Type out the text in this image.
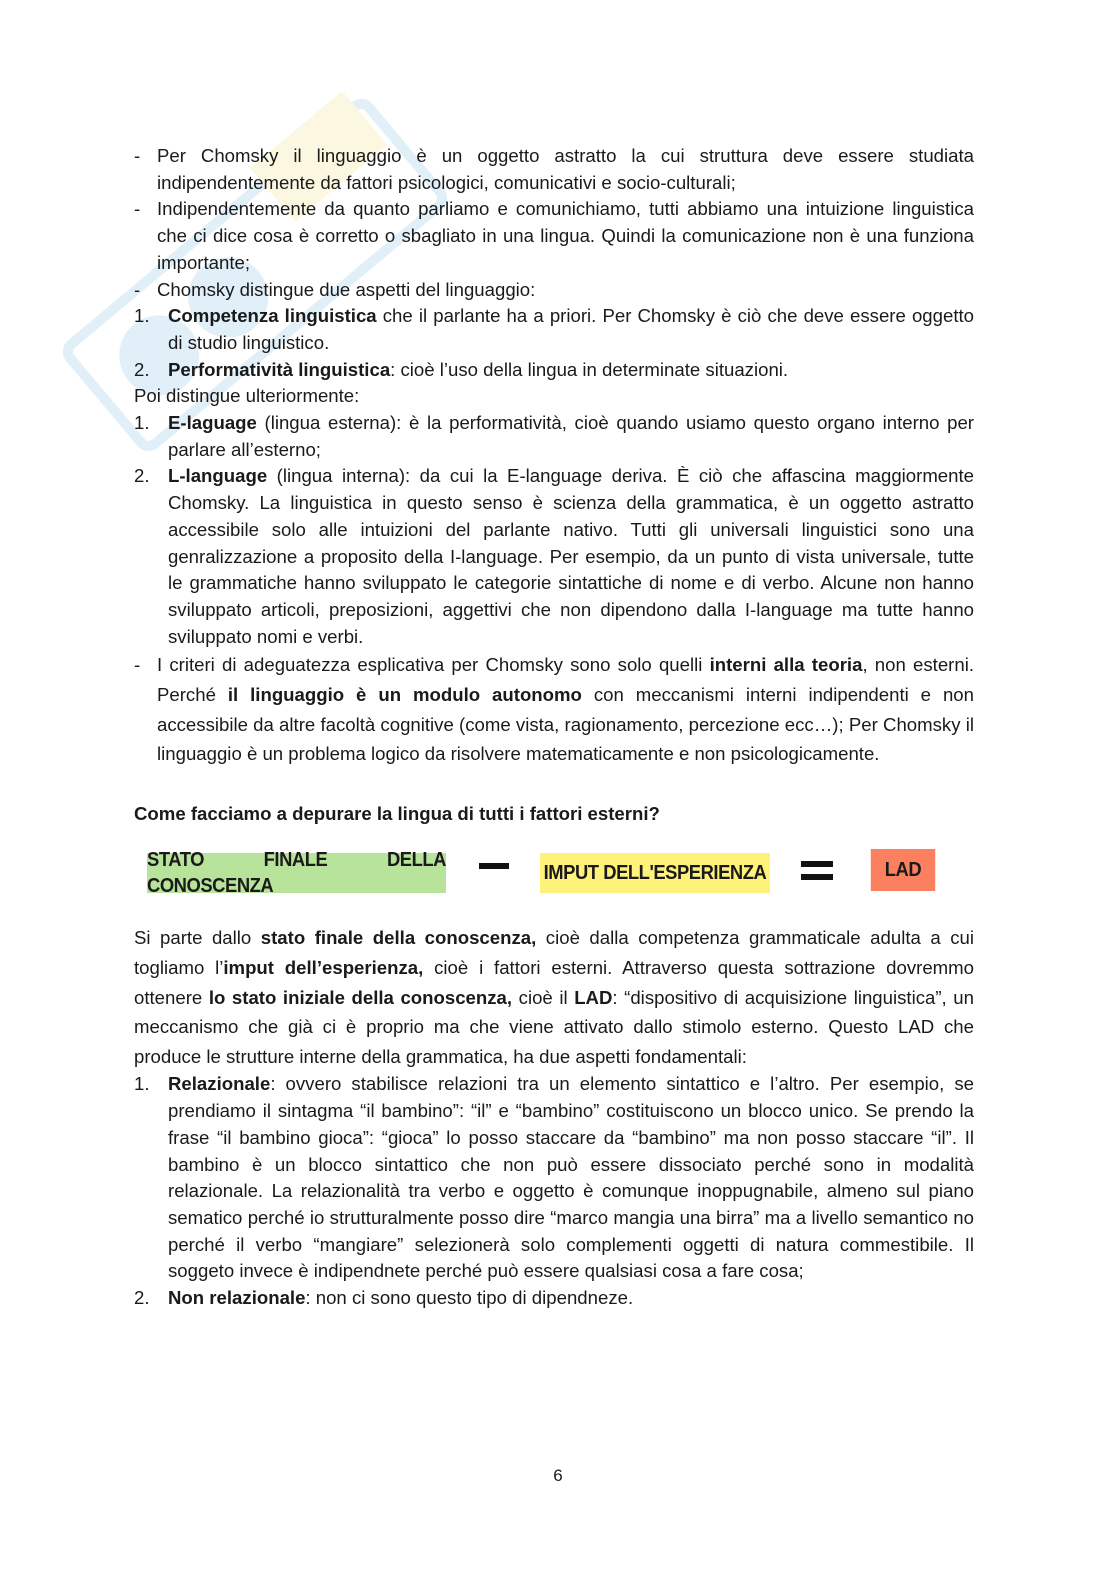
- Per Chomsky il linguaggio è un oggetto astratto la cui struttura deve essere studiata indipendentemente da fattori psicologici, comunicativi e socio-culturali;
- Indipendentemente da quanto parliamo e comunichiamo, tutti abbiamo una intuizione linguistica che ci dice cosa è corretto o sbagliato in una lingua. Quindi la comunicazione non è una funziona importante;
- Chomsky distingue due aspetti del linguaggio:
1. Competenza linguistica che il parlante ha a priori. Per Chomsky è ciò che deve essere oggetto di studio linguistico.
2. Performatività linguistica: cioè l’uso della lingua in determinate situazioni.
Poi distingue ulteriormente:
1. E-laguage (lingua esterna): è la performatività, cioè quando usiamo questo organo interno per parlare all’esterno;
2. L-language (lingua interna): da cui la E-language deriva. È ciò che affascina maggiormente Chomsky. La linguistica in questo senso è scienza della grammatica, è un oggetto astratto accessibile solo alle intuizioni del parlante nativo. Tutti gli universali linguistici sono una genralizzazione a proposito della I-language. Per esempio, da un punto di vista universale, tutte le grammatiche hanno sviluppato le categorie sintattiche di nome e di verbo. Alcune non hanno sviluppato articoli, preposizioni, aggettivi che non dipendono dalla I-language ma tutte hanno sviluppato nomi e verbi.
- I criteri di adeguatezza esplicativa per Chomsky sono solo quelli interni alla teoria, non esterni. Perché il linguaggio è un modulo autonomo con meccanismi interni indipendenti e non accessibile da altre facoltà cognitive (come vista, ragionamento, percezione ecc…); Per Chomsky il linguaggio è un problema logico da risolvere matematicamente e non psicologicamente.
Come facciamo a depurare la lingua di tutti i fattori esterni?
STATO FINALE DELLA CONOSCENZA
IMPUT DELL'ESPERIENZA	LAD
Si parte dallo stato finale della conoscenza, cioè dalla competenza grammaticale adulta a cui togliamo l’imput dell’esperienza, cioè i fattori esterni. Attraverso questa sottrazione dovremmo ottenere lo stato iniziale della conoscenza, cioè il LAD: “dispositivo di acquisizione linguistica”, un meccanismo che già ci è proprio ma che viene attivato dallo stimolo esterno. Questo LAD che produce le strutture interne della grammatica, ha due aspetti fondamentali:
1. Relazionale: ovvero stabilisce relazioni tra un elemento sintattico e l’altro. Per esempio, se prendiamo il sintagma “il bambino”: “il” e “bambino” costituiscono un blocco unico. Se prendo la frase “il bambino gioca”: “gioca” lo posso staccare da “bambino” ma non posso staccare “il”. Il bambino è un blocco sintattico che non può essere dissociato perché sono in modalità relazionale. La relazionalità tra verbo e oggetto è comunque inoppugnabile, almeno sul piano sematico perché io strutturalmente posso dire “marco mangia una birra” ma a livello semantico no perché il verbo “mangiare” selezionerà solo complementi oggetti di natura commestibile. Il soggeto invece è indipendnete perché può essere qualsiasi cosa a fare cosa;
2. Non relazionale: non ci sono questo tipo di dipendneze.
6
